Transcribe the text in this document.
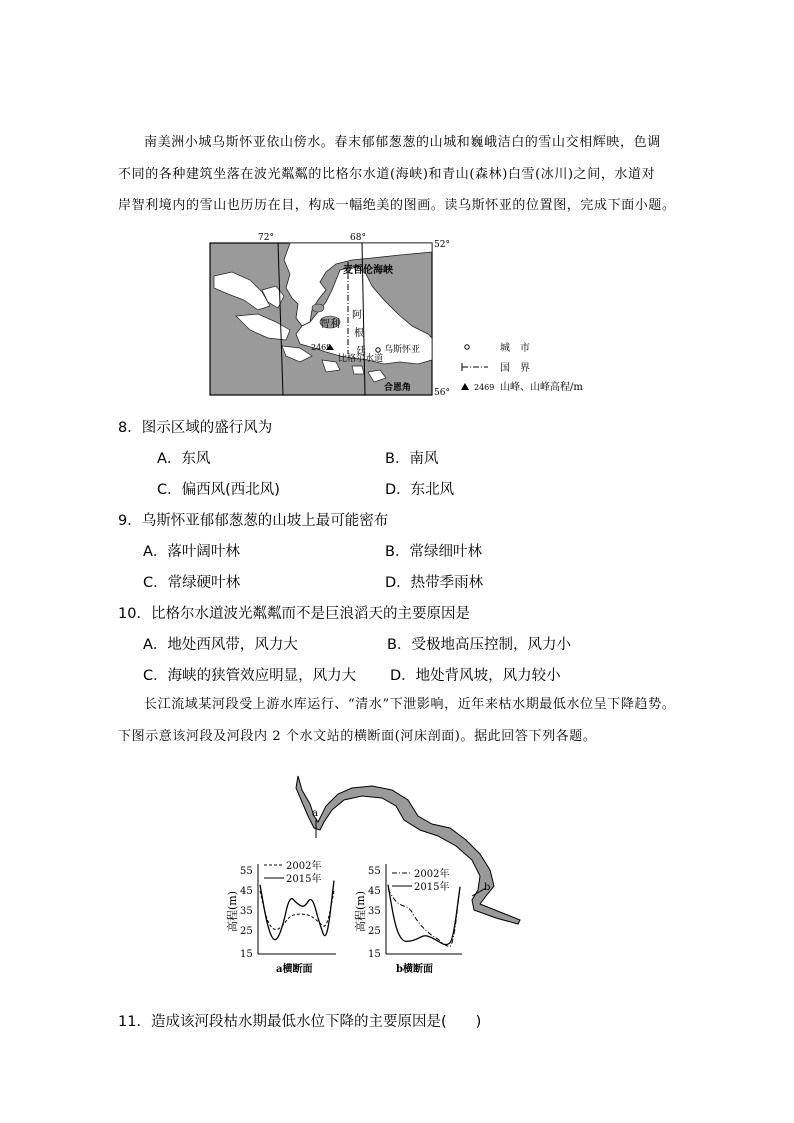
南美洲小城乌斯怀亚依山傍水。春末郁郁葱葱的山城和巍峨洁白的雪山交相辉映，色调

不同的各种建筑坐落在波光粼粼的比格尔水道(海峡)和青山(森林)白雪(冰川)之间，水道对

岸智利境内的雪山也历历在目，构成一幅绝美的图画。读乌斯怀亚的位置图，完成下面小题。

72°	68°
52°
56°
麦哲伦海峡
智利
阿
根
廷
2469
比格尔水道
乌斯怀亚
合恩角
城　市
国　界
2469 山峰、山峰高程/m
8．图示区域的盛行风为
A．东风	B．南风
C．偏西风(西北风)	D．东北风
9．乌斯怀亚郁郁葱葱的山坡上最可能密布
A．落叶阔叶林	B．常绿细叶林
C．常绿硬叶林	D．热带季雨林
10．比格尔水道波光粼粼而不是巨浪滔天的主要原因是
A．地处西风带，风力大	B．受极地高压控制，风力小
C．海峡的狭管效应明显，风力大 D．地处背风坡，风力较小

长江流域某河段受上游水库运行、“清水”下泄影响，近年来枯水期最低水位呈下降趋势。

下图示意该河段及河段内 2 个水文站的横断面(河床剖面)。据此回答下列各题。

a
b
55
45
35
25
15
高程(m)
2002年
2015年
a横断面
55
45
35
25
15
高程(m)
2002年
2015年
b横断面
11．造成该河段枯水期最低水位下降的主要原因是(　　)
